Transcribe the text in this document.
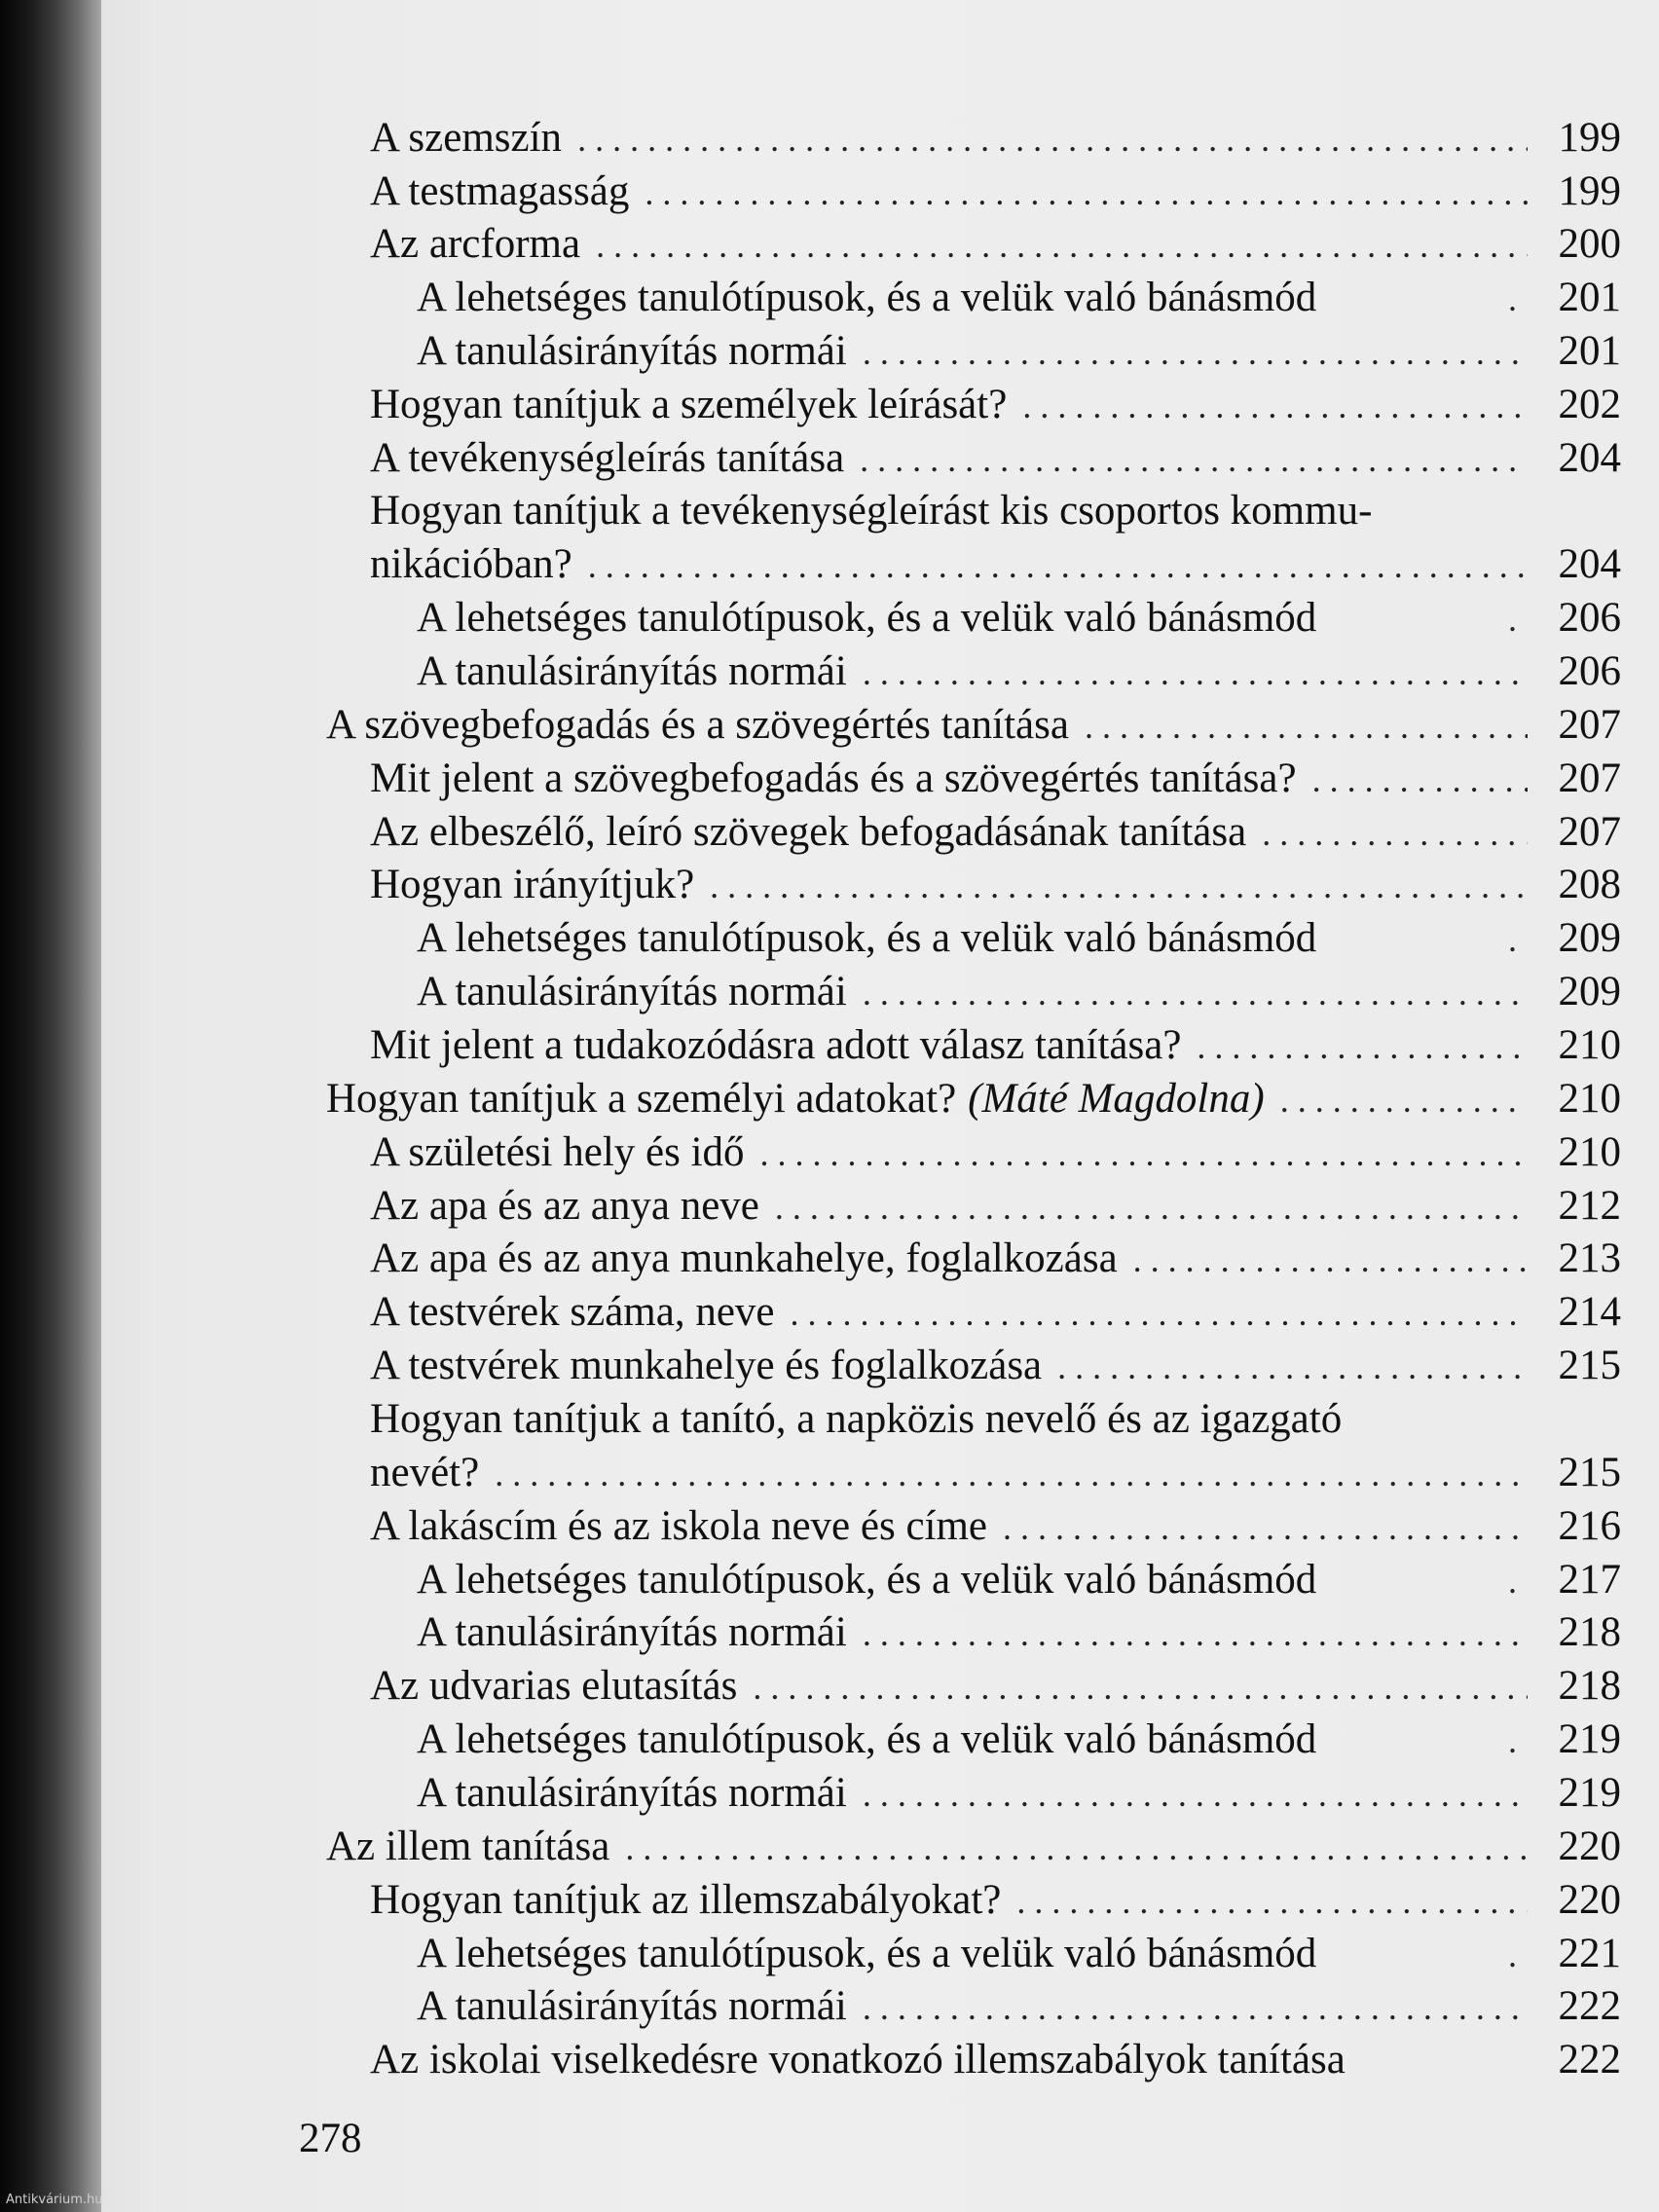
A szemszín . . .	199
A testmagasság . . .	199
Az arcforma . . .	200
A lehetséges tanulótípusok, és a velük való bánásmód . . .	201
A tanulásirányítás normái . . .	201
Hogyan tanítjuk a személyek leírását? . . .	202
A tevékenységleírás tanítása . . .	204
Hogyan tanítjuk a tevékenységleírást kis csoportos kommu-
nikációban? . . .	204
A lehetséges tanulótípusok, és a velük való bánásmód . . .	206
A tanulásirányítás normái . . .	206
A szövegbefogadás és a szövegértés tanítása . . .	207
Mit jelent a szövegbefogadás és a szövegértés tanítása? . . .	207
Az elbeszélő, leíró szövegek befogadásának tanítása . . .	207
Hogyan irányítjuk? . . .	208
A lehetséges tanulótípusok, és a velük való bánásmód . . .	209
A tanulásirányítás normái . . .	209
Mit jelent a tudakozódásra adott válasz tanítása? . . .	210
Hogyan tanítjuk a személyi adatokat? (Máté Magdolna) . . .	210
A születési hely és idő . . .	210
Az apa és az anya neve . . .	212
Az apa és az anya munkahelye, foglalkozása . . .	213
A testvérek száma, neve . . .	214
A testvérek munkahelye és foglalkozása . . .	215
Hogyan tanítjuk a tanító, a napközis nevelő és az igazgató
nevét? . . .	215
A lakáscím és az iskola neve és címe . . .	216
A lehetséges tanulótípusok, és a velük való bánásmód . . .	217
A tanulásirányítás normái . . .	218
Az udvarias elutasítás . . .	218
A lehetséges tanulótípusok, és a velük való bánásmód . . .	219
A tanulásirányítás normái . . .	219
Az illem tanítása . . .	220
Hogyan tanítjuk az illemszabályokat? . . .	220
A lehetséges tanulótípusok, és a velük való bánásmód . . .	221
A tanulásirányítás normái . . .	222
Az iskolai viselkedésre vonatkozó illemszabályok tanítása	222
278
Antikvárium.hu
